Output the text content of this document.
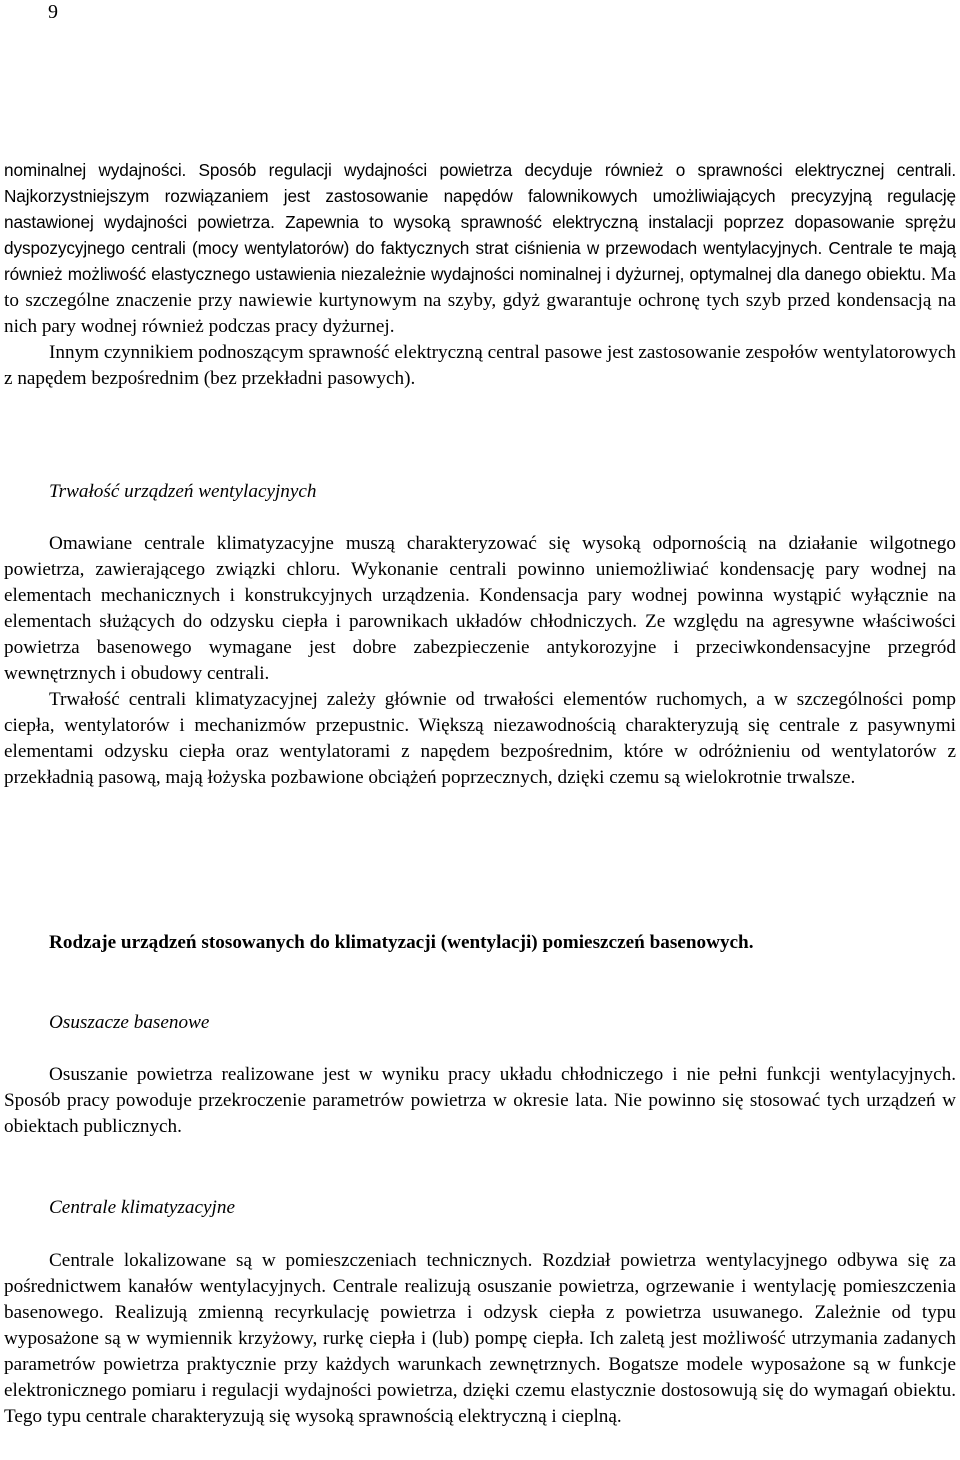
9

nominalnej wydajności. Sposób regulacji wydajności powietrza decyduje również o sprawności elektrycznej centrali. Najkorzystniejszym rozwiązaniem jest zastosowanie napędów falownikowych umożliwiających precyzyjną regulację nastawionej wydajności powietrza. Zapewnia to wysoką sprawność elektryczną instalacji poprzez dopasowanie sprężu dyspozycyjnego centrali (mocy wentylatorów) do faktycznych strat ciśnienia w przewodach wentylacyjnych. Centrale te mają również możliwość elastycznego ustawienia niezależnie wydajności nominalnej i dyżurnej, optymalnej dla danego obiektu. Ma to szczególne znaczenie przy nawiewie kurtynowym na szyby, gdyż gwarantuje ochronę tych szyb przed kondensacją na nich pary wodnej również podczas pracy dyżurnej.

Innym czynnikiem podnoszącym sprawność elektryczną central pasowe jest zastosowanie zespołów wentylatorowych z napędem bezpośrednim (bez przekładni pasowych).

Trwałość urządzeń wentylacyjnych

Omawiane centrale klimatyzacyjne muszą charakteryzować się wysoką odpornością na działanie wilgotnego powietrza, zawierającego związki chloru. Wykonanie centrali powinno uniemożliwiać kondensację pary wodnej na elementach mechanicznych i konstrukcyjnych urządzenia. Kondensacja pary wodnej powinna wystąpić wyłącznie na elementach służących do odzysku ciepła i parownikach układów chłodniczych. Ze względu na agresywne właściwości powietrza basenowego wymagane jest dobre zabezpieczenie antykorozyjne i przeciwkondensacyjne przegród wewnętrznych i obudowy centrali.

Trwałość centrali klimatyzacyjnej zależy głównie od trwałości elementów ruchomych, a w szczególności pomp ciepła, wentylatorów i mechanizmów przepustnic. Większą niezawodnością charakteryzują się centrale z pasywnymi elementami odzysku ciepła oraz wentylatorami z napędem bezpośrednim, które w odróżnieniu od wentylatorów z przekładnią pasową, mają łożyska pozbawione obciążeń poprzecznych, dzięki czemu są wielokrotnie trwalsze.

Rodzaje urządzeń stosowanych do klimatyzacji (wentylacji) pomieszczeń basenowych.
Osuszacze basenowe

Osuszanie powietrza realizowane jest w wyniku pracy układu chłodniczego i nie pełni funkcji wentylacyjnych. Sposób pracy powoduje przekroczenie parametrów powietrza w okresie lata. Nie powinno się stosować tych urządzeń w obiektach publicznych.

Centrale klimatyzacyjne

Centrale lokalizowane są w pomieszczeniach technicznych. Rozdział powietrza wentylacyjnego odbywa się za pośrednictwem kanałów wentylacyjnych. Centrale realizują osuszanie powietrza, ogrzewanie i wentylację pomieszczenia basenowego. Realizują zmienną recyrkulację powietrza i odzysk ciepła z powietrza usuwanego. Zależnie od typu wyposażone są w wymiennik krzyżowy, rurkę ciepła i (lub) pompę ciepła. Ich zaletą jest możliwość utrzymania zadanych parametrów powietrza praktycznie przy każdych warunkach zewnętrznych. Bogatsze modele wyposażone są w funkcje elektronicznego pomiaru i regulacji wydajności powietrza, dzięki czemu elastycznie dostosowują się do wymagań obiektu. Tego typu centrale charakteryzują się wysoką sprawnością elektryczną i cieplną.
